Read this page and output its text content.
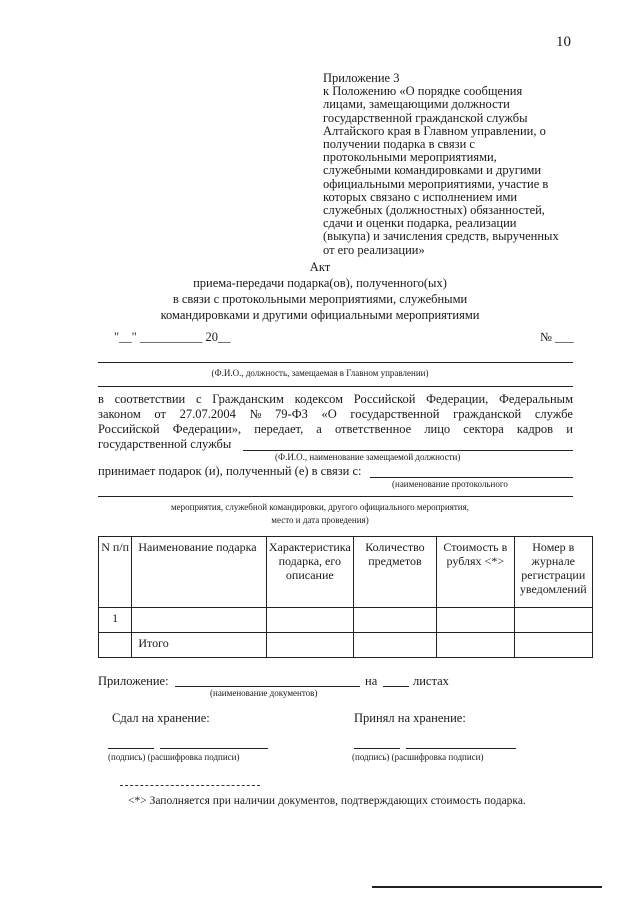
10
Приложение 3
к Положению «О порядке сообщения
лицами, замещающими должности
государственной гражданской службы
Алтайского края в Главном управлении, о
получении подарка в связи с
протокольными мероприятиями,
служебными командировками и другими
официальными мероприятиями, участие в
которых связано с исполнением ими
служебных (должностных) обязанностей,
сдачи и оценки подарка, реализации
(выкупа) и зачисления средств, вырученных
от его реализации»
Акт
приема-передачи подарка(ов), полученного(ых)
в связи с протокольными мероприятиями, служебными
командировками и другими официальными мероприятиями
"__" __________ 20__	№ ___
(Ф.И.О., должность, замещаемая в Главном управлении)
в соответствии с Гражданским кодексом Российской Федерации, Федеральным
законом от 27.07.2004 № 79-ФЗ «О государственной гражданской службе
Российской Федерации», передает, а ответственное лицо сектора кадров и
государственной службы
(Ф.И.О., наименование замещаемой должности)
принимает подарок (и), полученный (е) в связи с:
(наименование протокольного
мероприятия, служебной командировки, другого официального мероприятия,
место и дата проведения)
N п/п	Наименование подарка	Характеристика подарка, его описание	Количество предметов	Стоимость в рублях <*>	Номер в журнале регистрации уведомлений
1					
	Итого				
Приложение:	на	листах
(наименование документов)
Сдал на хранение:	Принял на хранение:
(подпись) (расшифровка подписи)	(подпись) (расшифровка подписи)
<*> Заполняется при наличии документов, подтверждающих стоимость подарка.
